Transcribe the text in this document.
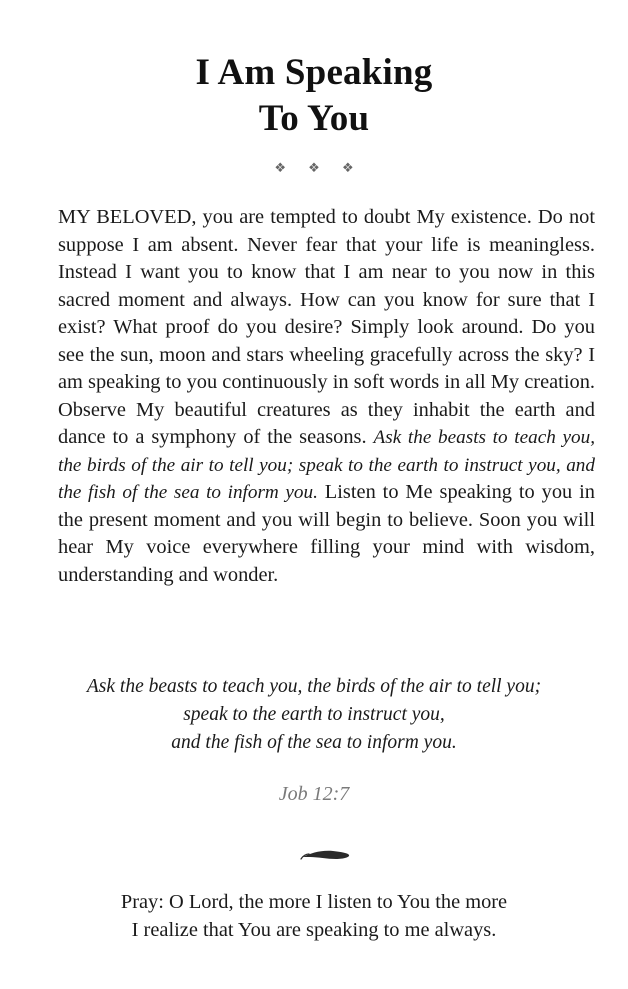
I Am Speaking
To You
❖ ❖ ❖

MY BELOVED, you are tempted to doubt My existence. Do not suppose I am absent. Never fear that your life is meaningless. Instead I want you to know that I am near to you now in this sacred moment and always. How can you know for sure that I exist? What proof do you desire? Simply look around. Do you see the sun, moon and stars wheeling gracefully across the sky? I am speaking to you continuously in soft words in all My creation. Observe My beautiful creatures as they inhabit the earth and dance to a symphony of the seasons. Ask the beasts to teach you, the birds of the air to tell you; speak to the earth to instruct you, and the fish of the sea to inform you. Listen to Me speaking to you in the present moment and you will begin to believe. Soon you will hear My voice everywhere filling your mind with wisdom, understanding and wonder.

Ask the beasts to teach you, the birds of the air to tell you;
speak to the earth to instruct you,
and the fish of the sea to inform you.
Job 12:7
Pray: O Lord, the more I listen to You the more
I realize that You are speaking to me always.
